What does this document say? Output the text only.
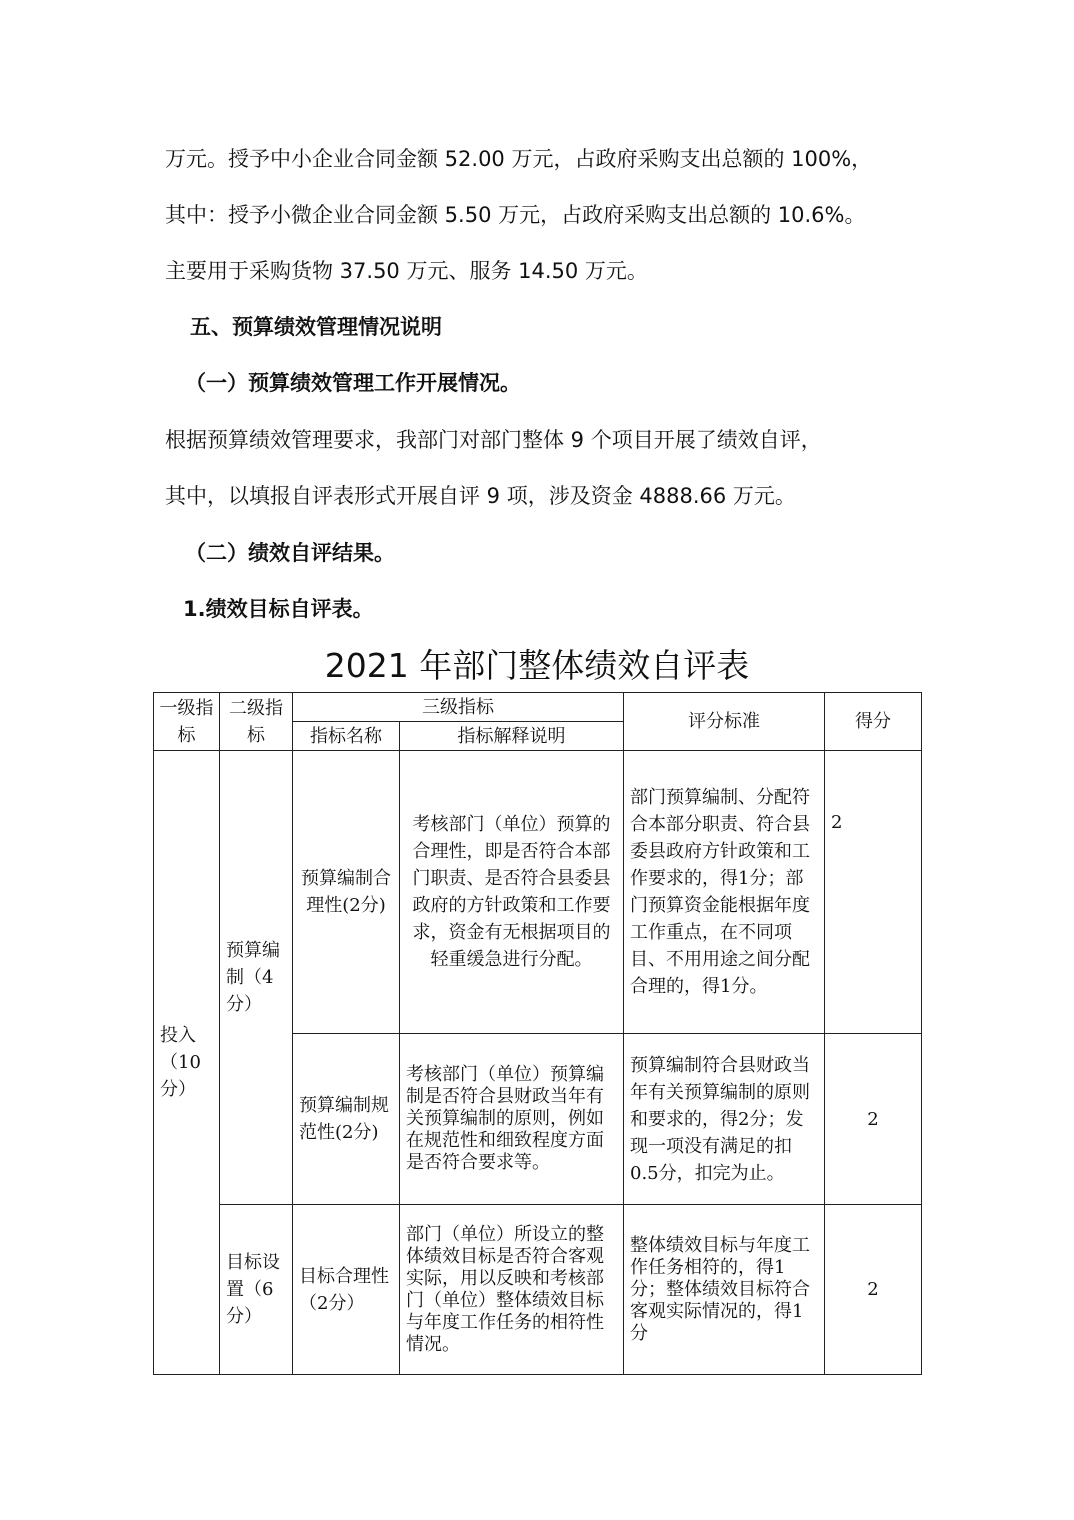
万元。授予中小企业合同金额 52.00 万元，占政府采购支出总额的 100%，
其中：授予小微企业合同金额 5.50 万元，占政府采购支出总额的 10.6%。
主要用于采购货物 37.50 万元、服务 14.50 万元。
五、预算绩效管理情况说明
（一）预算绩效管理工作开展情况。
根据预算绩效管理要求，我部门对部门整体 9 个项目开展了绩效自评，
其中，以填报自评表形式开展自评 9 项，涉及资金 4888.66 万元。
（二）绩效自评结果。
1.绩效目标自评表。
2021 年部门整体绩效自评表
一级指标	二级指标	三级指标		评分标准	得分
		指标名称	指标解释说明		
投入（10分）	预算编制（4分）	预算编制合理性(2分)	考核部门（单位）预算的合理性，即是否符合本部门职责、是否符合县委县政府的方针政策和工作要求，资金有无根据项目的轻重缓急进行分配。	部门预算编制、分配符合本部分职责、符合县委县政府方针政策和工作要求的，得1分；部门预算资金能根据年度工作重点，在不同项目、不用用途之间分配合理的，得1分。	2
		预算编制规范性(2分)	考核部门（单位）预算编制是否符合县财政当年有关预算编制的原则，例如在规范性和细致程度方面是否符合要求等。	预算编制符合县财政当年有关预算编制的原则和要求的，得2分；发现一项没有满足的扣0.5分，扣完为止。	2
	目标设置（6分）	目标合理性（2分）	部门（单位）所设立的整体绩效目标是否符合客观实际，用以反映和考核部门（单位）整体绩效目标与年度工作任务的相符性情况。	整体绩效目标与年度工作任务相符的，得1分；整体绩效目标符合客观实际情况的，得1分	2
